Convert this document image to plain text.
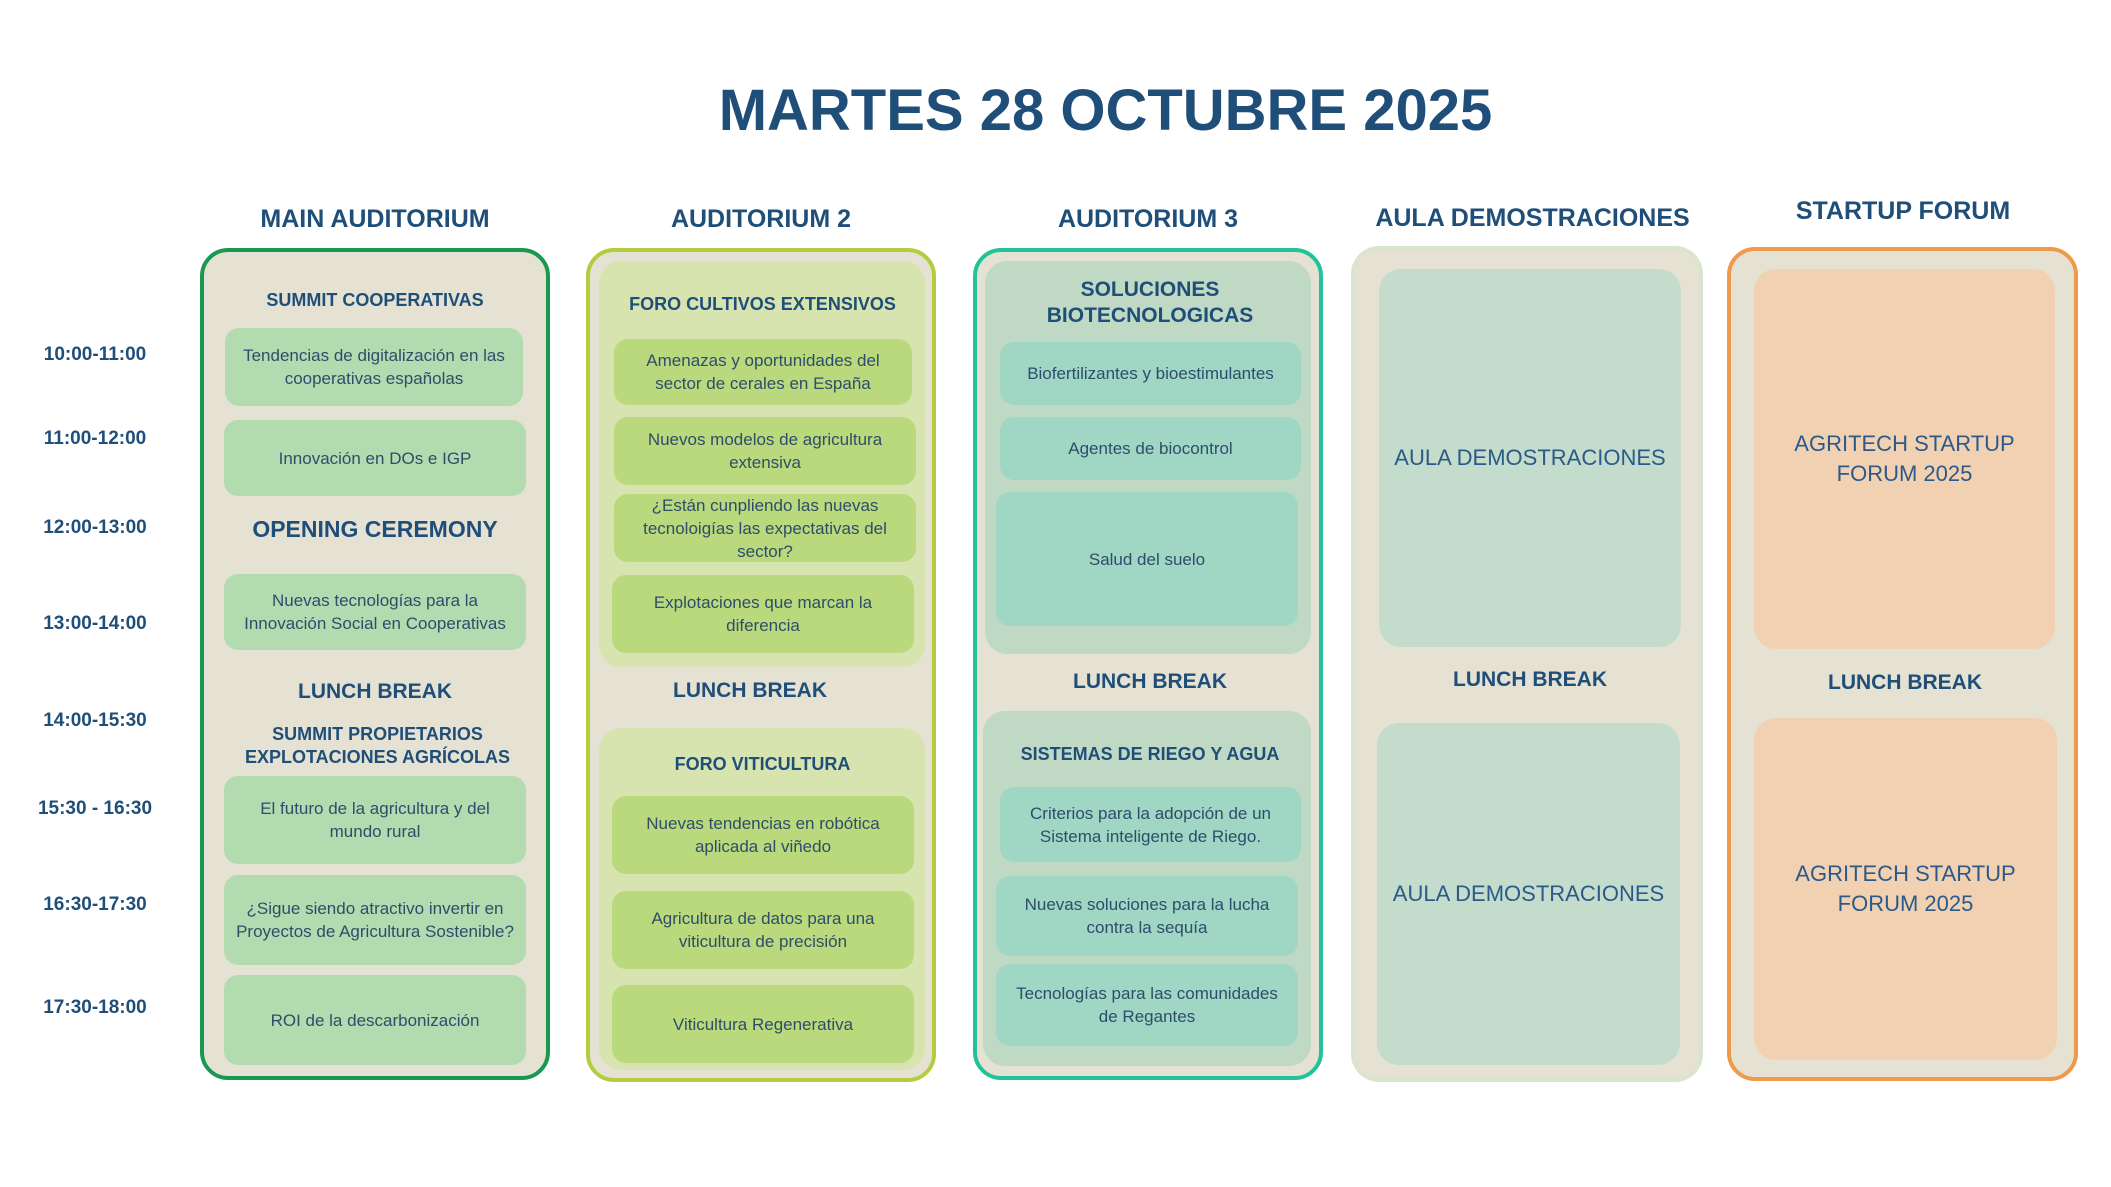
MARTES 28 OCTUBRE 2025
10:00-11:00
11:00-12:00
12:00-13:00
13:00-14:00
14:00-15:30
15:30 - 16:30
16:30-17:30
17:30-18:00
MAIN AUDITORIUM
SUMMIT COOPERATIVAS
Tendencias de digitalización en las cooperativas españolas
Innovación en DOs e IGP
OPENING CEREMONY
Nuevas tecnologías para la Innovación Social en Cooperativas
LUNCH BREAK
SUMMIT PROPIETARIOS EXPLOTACIONES AGRÍCOLAS
El futuro de la agricultura y del mundo rural
¿Sigue siendo atractivo invertir en Proyectos de Agricultura Sostenible?
ROI de la descarbonización
AUDITORIUM 2
FORO CULTIVOS EXTENSIVOS
Amenazas y oportunidades del sector de cerales en España
Nuevos modelos de agricultura extensiva
¿Están cunpliendo las nuevas tecnoloigías las expectativas del sector?
Explotaciones que marcan la diferencia
LUNCH BREAK
FORO VITICULTURA
Nuevas tendencias en robótica aplicada al viñedo
Agricultura de datos para una viticultura de precisión
Viticultura Regenerativa
AUDITORIUM 3
SOLUCIONES BIOTECNOLOGICAS
Biofertilizantes y bioestimulantes
Agentes de biocontrol
Salud del suelo
LUNCH BREAK
SISTEMAS DE RIEGO Y AGUA
Criterios para la adopción de un Sistema inteligente de Riego.
Nuevas soluciones para la lucha contra la sequía
Tecnologías para las comunidades de Regantes
AULA DEMOSTRACIONES
AULA DEMOSTRACIONES
LUNCH BREAK
AULA DEMOSTRACIONES
STARTUP FORUM
AGRITECH STARTUP FORUM 2025
LUNCH BREAK
AGRITECH STARTUP FORUM 2025
